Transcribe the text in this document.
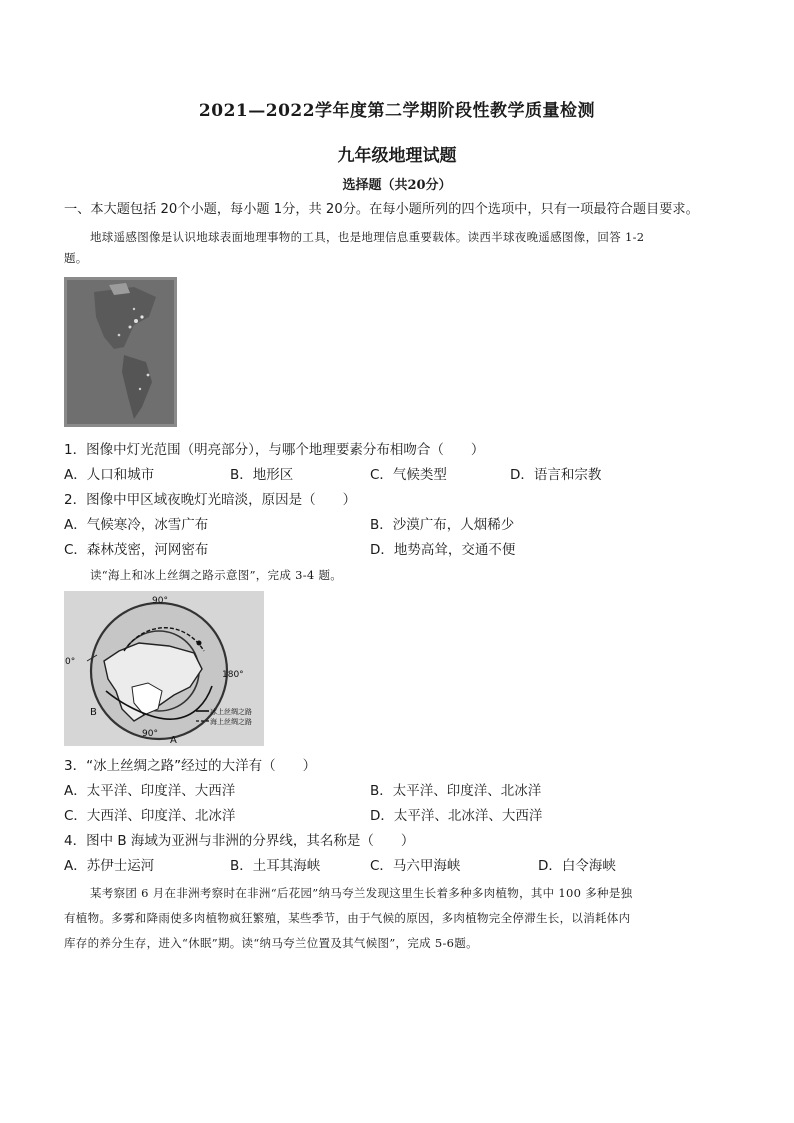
2021—2022学年度第二学期阶段性教学质量检测
九年级地理试题
选择题（共20分）
一、本大题包括 20个小题，每小题 1分，共 20分。在每小题所列的四个选项中，只有一项最符合题目要求。
地球遥感图像是认识地球表面地理事物的工具，也是地理信息重要载体。读西半球夜晚遥感图像，回答 1-2
题。
1．图像中灯光范围（明亮部分），与哪个地理要素分布相吻合（　　）
A．人口和城市	B．地形区	C．气候类型	D．语言和宗教
2．图像中甲区域夜晚灯光暗淡，原因是（　　）
A．气候寒冷，冰雪广布	B．沙漠广布，人烟稀少
C．森林茂密，河网密布	D．地势高耸，交通不便
读“海上和冰上丝绸之路示意图”，完成 3-4 题。
90°
0°
180°
90°
B
A
冰上丝绸之路
海上丝绸之路
3．“冰上丝绸之路”经过的大洋有（　　）
A．太平洋、印度洋、大西洋	B．太平洋、印度洋、北冰洋
C．大西洋、印度洋、北冰洋	D．太平洋、北冰洋、大西洋
4．图中 B 海域为亚洲与非洲的分界线，其名称是（　　）
A．苏伊士运河	B．土耳其海峡	C．马六甲海峡	D．白令海峡
某考察团 6 月在非洲考察时在非洲“后花园”纳马夸兰发现这里生长着多种多肉植物，其中 100 多种是独
有植物。多雾和降雨使多肉植物疯狂繁殖，某些季节，由于气候的原因，多肉植物完全停滞生长，以消耗体内
库存的养分生存，进入“休眠”期。读“纳马夸兰位置及其气候图”，完成 5-6题。
